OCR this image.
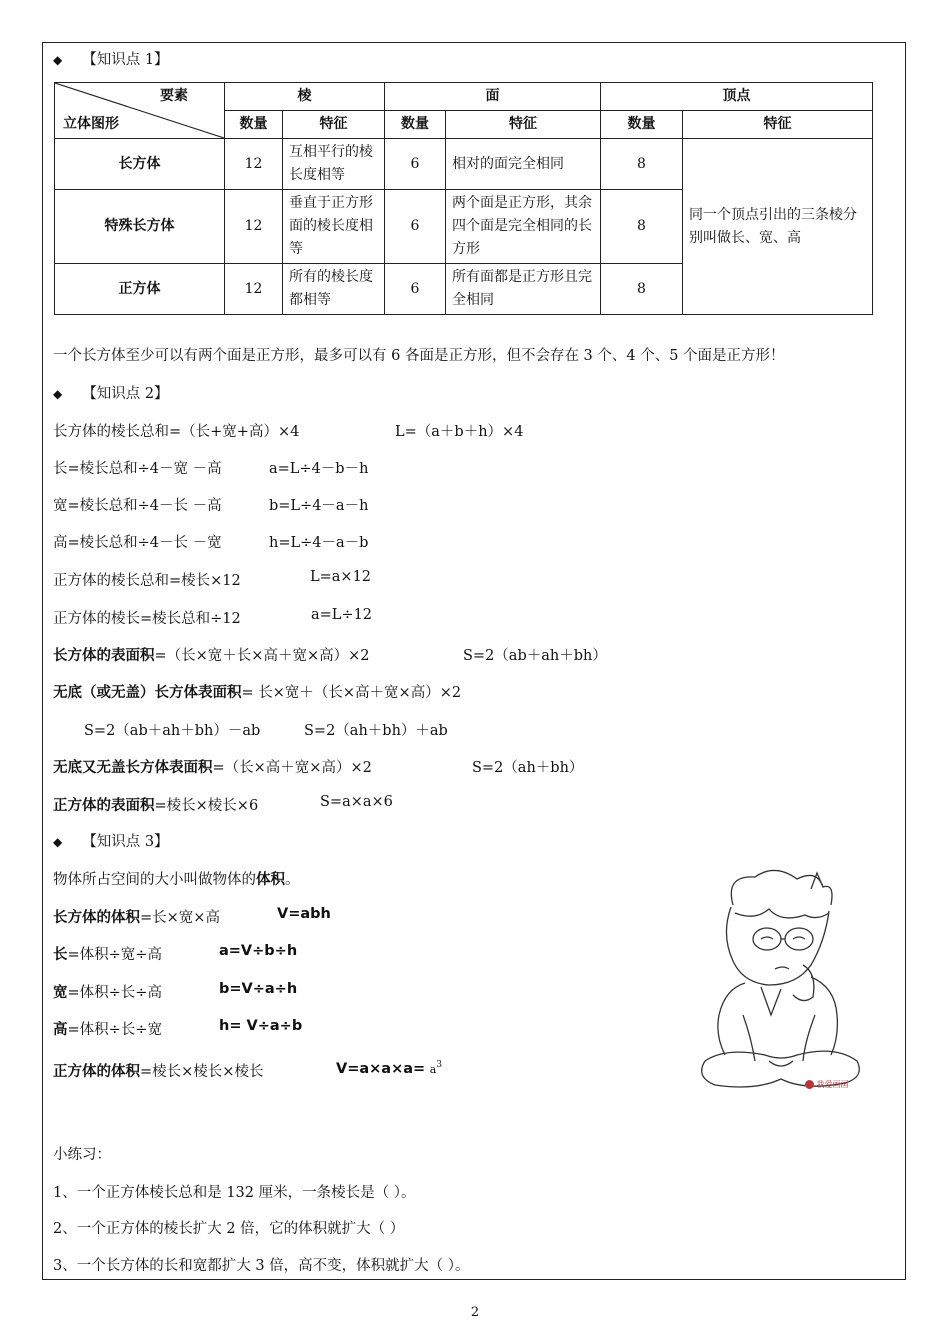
◆ 【知识点 1】
要素
立体图形	棱		面		顶点	
	数量	特征	数量	特征	数量	特征
长方体	12	互相平行的棱长度相等	6	相对的面完全相同	8	同一个顶点引出的三条棱分别叫做长、宽、高
特殊长方体	12	垂直于正方形面的棱长度相等	6	两个面是正方形，其余四个面是完全相同的长方形	8	
正方体	12	所有的棱长度都相等	6	所有面都是正方形且完全相同	8	
一个长方体至少可以有两个面是正方形，最多可以有 6 各面是正方形，但不会存在 3 个、4 个、5 个面是正方形！
◆ 【知识点 2】
长方体的棱长总和=（长+宽+高）×4	L=（a＋b＋h）×4
长=棱长总和÷4－宽 －高	a=L÷4－b－h
宽=棱长总和÷4－长 －高	b=L÷4－a－h
高=棱长总和÷4－长 －宽	h=L÷4－a－b
正方体的棱长总和=棱长×12	L=a×12
正方体的棱长=棱长总和÷12	a=L÷12
长方体的表面积=（长×宽＋长×高＋宽×高）×2	S=2（ab＋ah＋bh）
无底（或无盖）长方体表面积= 长×宽＋（长×高＋宽×高）×2
S=2（ab＋ah＋bh）－ab	S=2（ah＋bh）＋ab
无底又无盖长方体表面积=（长×高＋宽×高）×2	S=2（ah＋bh）
正方体的表面积=棱长×棱长×6	S=a×a×6
◆ 【知识点 3】
物体所占空间的大小叫做物体的体积。
长方体的体积=长×宽×高	V=abh
长=体积÷宽÷高	a=V÷b÷h
宽=体积÷长÷高	b=V÷a÷h
高=体积÷长÷宽	h= V÷a÷b
正方体的体积=棱长×棱长×棱长	$V=a\times a\times a= a^3$
我爱画画
小练习：
1、一个正方体棱长总和是 132 厘米，一条棱长是（ ）。
2、一个正方体的棱长扩大 2 倍，它的体积就扩大（ ）
3、一个长方体的长和宽都扩大 3 倍，高不变，体积就扩大（ ）。
2
